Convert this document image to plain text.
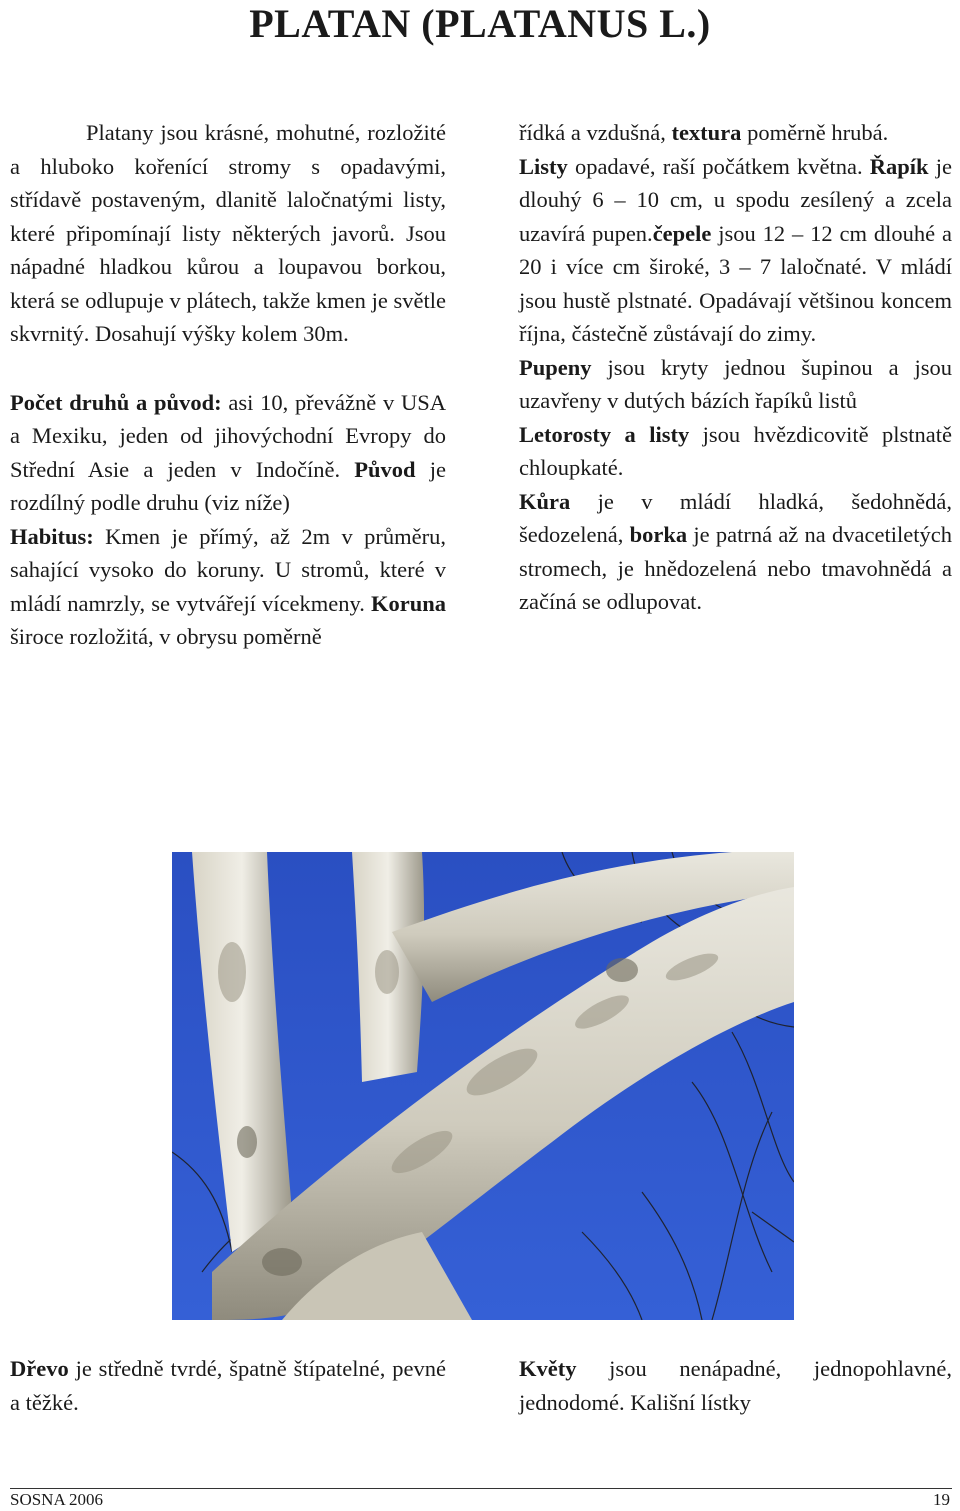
PLATAN (PLATANUS L.)

Platany jsou krásné, mohutné, rozložité a hluboko kořenící stromy s opadavými, střídavě postaveným, dlanitě laločnatými listy, které připomínají listy některých javorů. Jsou nápadné hladkou kůrou a loupavou borkou, která se odlupuje v plátech, takže kmen je světle skvrnitý. Dosahují výšky kolem 30m.

Počet druhů a původ: asi 10, převážně v USA a Mexiku, jeden od jihovýchodní Evropy do Střední Asie a jeden v Indočíně. Původ je rozdílný podle druhu (viz níže)

Habitus: Kmen je přímý, až 2m v průměru, sahající vysoko do koruny. U stromů, které v mládí namrzly, se vytvářejí vícekmeny. Koruna široce rozložitá, v obrysu poměrně

řídká a vzdušná, textura poměrně hrubá.

Listy opadavé, raší počátkem května. Řapík je dlouhý 6 – 10 cm, u spodu zesílený a zcela uzavírá pupen.čepele jsou 12 – 12 cm dlouhé a 20 i více cm široké, 3 – 7 laločnaté. V mládí jsou hustě plstnaté. Opadávají většinou koncem října, částečně zůstávají do zimy.

Pupeny jsou kryty jednou šupinou a jsou uzavřeny v dutých bázích řapíků listů

Letorosty a listy jsou hvězdicovitě plstnatě chloupkaté.

Kůra je v mládí hladká, šedohnědá, šedozelená, borka je patrná až na dvacetiletých stromech, je hnědozelená nebo tmavohnědá a začíná se odlupovat.

Dřevo je středně tvrdé, špatně štípatelné, pevné a těžké.

Květy jsou nenápadné, jednopohlavné, jednodomé. Kališní lístky

SOSNA 2006	19
